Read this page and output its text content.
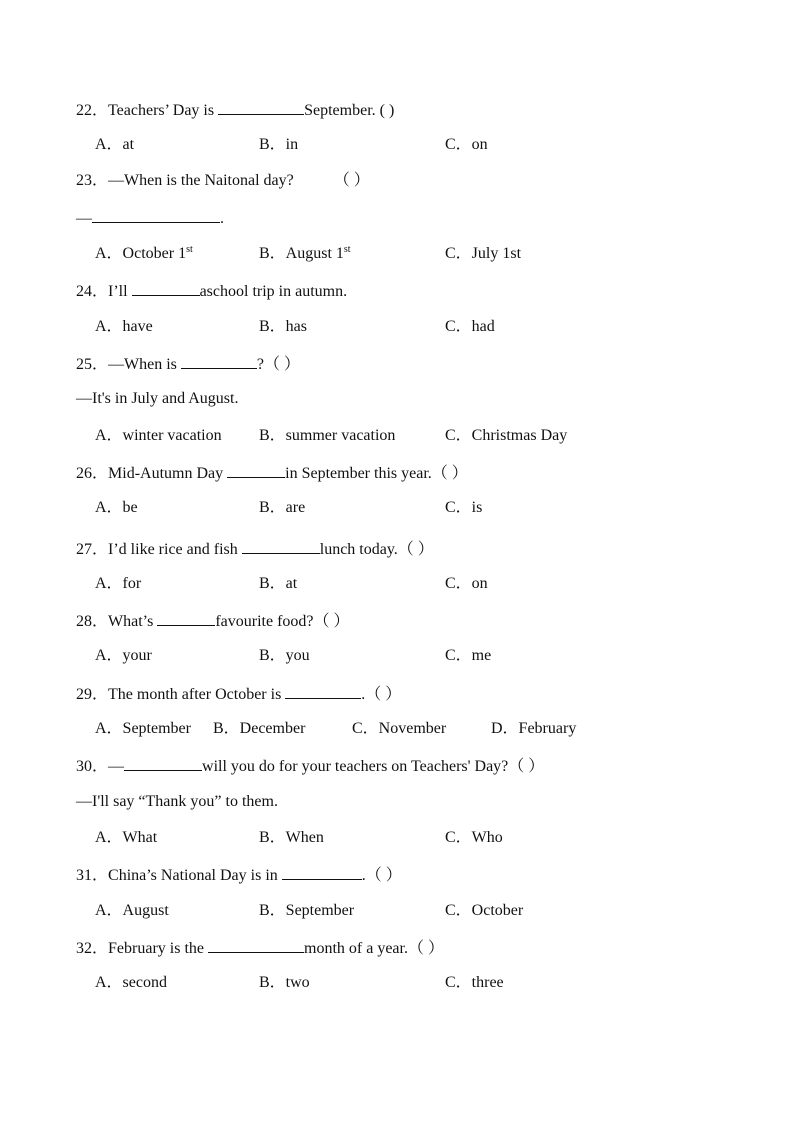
22．Teachers’ Day is	September. ( )
A．at	B．in	C．on
23．—When is the Naitonal day?	（ ）
—	.
A．October 1st	B．August 1st	C．July 1st
24．I’ll	aschool trip in autumn.
A．have	B．has	C．had
25．—When is	?（ ）
—It's in July and August.
A．winter vacation B．summer vacation	C．Christmas Day
26．Mid-Autumn Day	in September this year.（ ）
A．be	B．are	C．is
27．I’d like rice and fish	lunch today.（ ）
A．for	B．at	C．on
28．What’s	favourite food?（ ）
A．your	B．you	C．me
29．The month after October is	.（ ）
A．September B．December	C．November	D．February
30．—	will you do for your teachers on Teachers' Day?（ ）
—I'll say “Thank you” to them.
A．What	B．When	C．Who
31．China’s National Day is in	.（ ）
A．August	B．September	C．October
32．February is the	month of a year.（ ）
A．second	B．two	C．three
